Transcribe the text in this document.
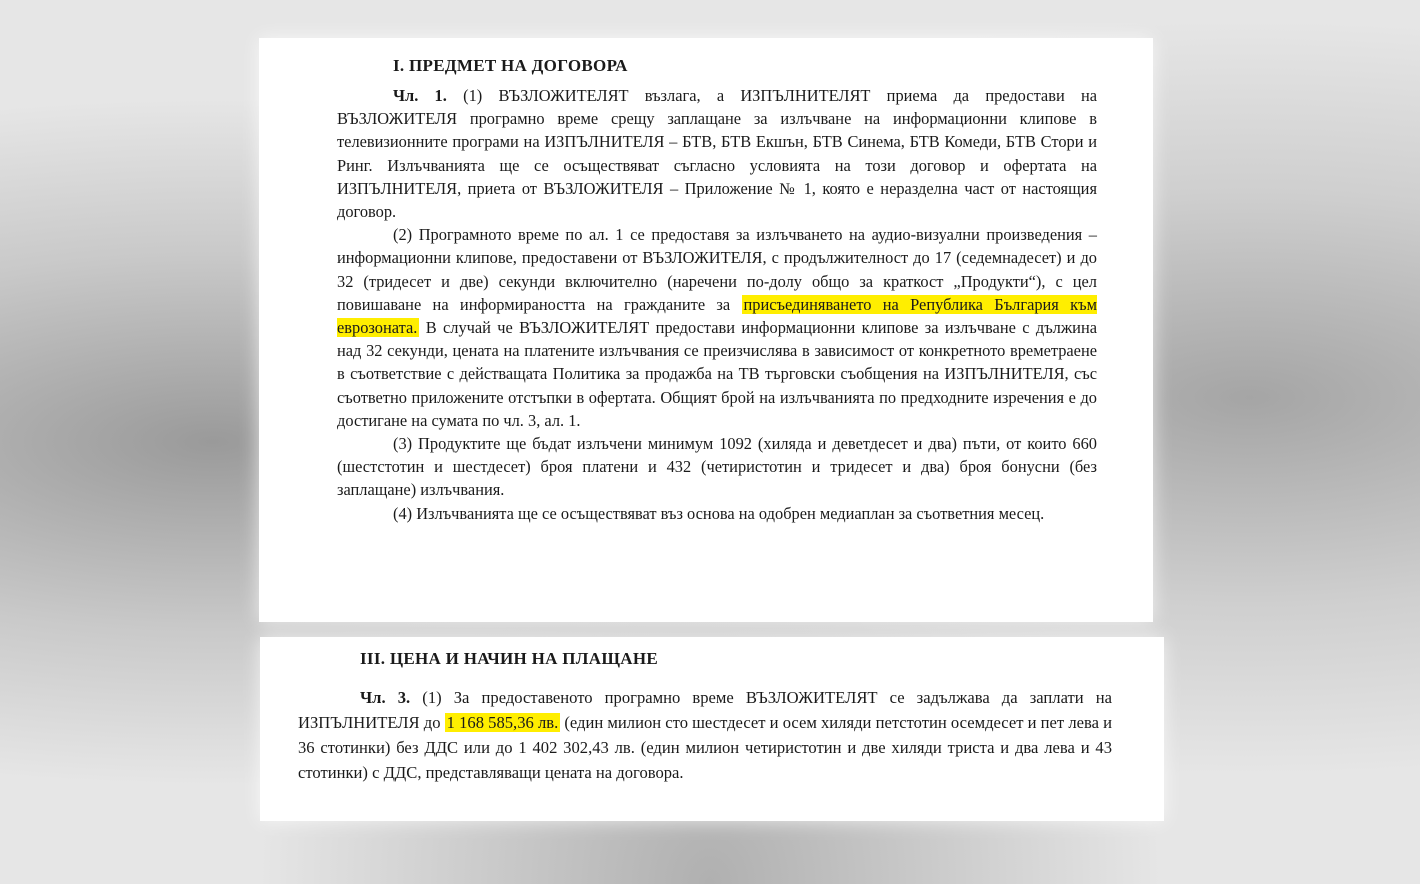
I. ПРЕДМЕТ НА ДОГОВОРА

Чл. 1. (1) ВЪЗЛОЖИТЕЛЯТ възлага, а ИЗПЪЛНИТЕЛЯТ приема да предостави на ВЪЗЛОЖИТЕЛЯ програмно време срещу заплащане за излъчване на информационни клипове в телевизионните програми на ИЗПЪЛНИТЕЛЯ – БТВ, БТВ Екшън, БТВ Синема, БТВ Комеди, БТВ Стори и Ринг. Излъчванията ще се осъществяват съгласно условията на този договор и офертата на ИЗПЪЛНИТЕЛЯ, приета от ВЪЗЛОЖИТЕЛЯ – Приложение № 1, която е неразделна част от настоящия договор.

(2) Програмното време по ал. 1 се предоставя за излъчването на аудио-визуални произведения – информационни клипове, предоставени от ВЪЗЛОЖИТЕЛЯ, с продължителност до 17 (седемнадесет) и до 32 (тридесет и две) секунди включително (наречени по-долу общо за краткост „Продукти“), с цел повишаване на информираността на гражданите за присъединяването на Република България към еврозоната. В случай че ВЪЗЛОЖИТЕЛЯТ предостави информационни клипове за излъчване с дължина над 32 секунди, цената на платените излъчвания се преизчислява в зависимост от конкретното времетраене в съответствие с действащата Политика за продажба на ТВ търговски съобщения на ИЗПЪЛНИТЕЛЯ, със съответно приложените отстъпки в офертата. Общият брой на излъчванията по предходните изречения е до достигане на сумата по чл. 3, ал. 1.

(3) Продуктите ще бъдат излъчени минимум 1092 (хиляда и деветдесет и два) пъти, от които 660 (шестстотин и шестдесет) броя платени и 432 (четиристотин и тридесет и два) броя бонусни (без заплащане) излъчвания.

(4) Излъчванията ще се осъществяват въз основа на одобрен медиаплан за съответния месец.

III. ЦЕНА И НАЧИН НА ПЛАЩАНЕ

Чл. 3. (1) За предоставеното програмно време ВЪЗЛОЖИТЕЛЯТ се задължава да заплати на ИЗПЪЛНИТЕЛЯ до 1 168 585,36 лв. (един милион сто шестдесет и осем хиляди петстотин осемдесет и пет лева и 36 стотинки) без ДДС или до 1 402 302,43 лв. (един милион четиристотин и две хиляди триста и два лева и 43 стотинки) с ДДС, представляващи цената на договора.
